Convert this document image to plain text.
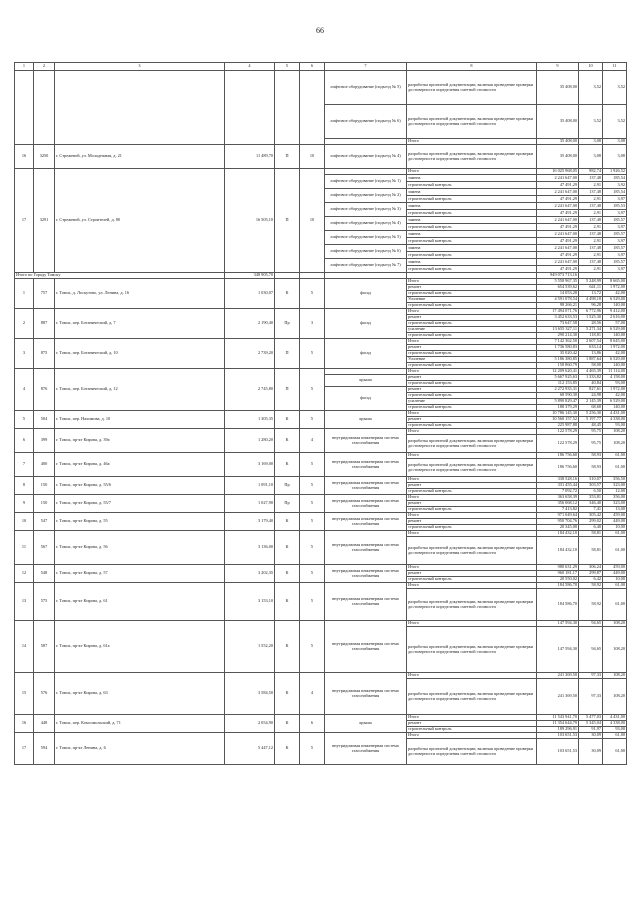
66
1	2	3	4	5	6	7	8	9	10	11
						лифтовое оборудование (подъезд № 5)	разработка проектной документации, включая проведение проверки достоверности определения сметной стоимости	35 408,00	3,52	3,52
						лифтовое оборудование (подъезд № 6)	разработка проектной документации, включая проведение проверки достоверности определения сметной стоимости	35 408,00	3,52	3,52
							Итого	35 408,00	3,08	3,08
16	3250	г. Стрежевой, ул. Молодежная, д. 21	11 489,70	П	10	лифтовое оборудование (подъезд № 4)	разработка проектной документации, включая проведение проверки достоверности определения сметной стоимости	35 408,00	3,08	3,08
17	3291	г. Стрежевой, ул. Строителей, д. 80	16 505,10	П	10		Итого	16 025 968,05	982,74	1 926,52
						лифтовое оборудование (подъезд № 1)	замена	2 241 647,00	137,48	185,54
							строительный контроль	47 491,29	2,91	3,92
						лифтовое оборудование (подъезд № 2)	замена	2 241 647,00	137,48	185,54
							строительный контроль	47 491,29	2,91	3,97
						лифтовое оборудование (подъезд № 3)	замена	2 241 647,00	137,48	185,53
							строительный контроль	47 491,29	2,91	3,97
						лифтовое оборудование (подъезд № 4)	замена	2 241 647,00	137,48	185,57
							строительный контроль	47 491,29	2,91	3,97
						лифтовое оборудование (подъезд № 5)	замена	2 241 647,00	137,48	185,57
							строительный контроль	47 491,29	2,91	3,97
						лифтовое оборудование (подъезд № 6)	замена	2 241 647,00	137,48	185,57
							строительный контроль	47 491,29	2,91	3,97
						лифтовое оборудование (подъезд № 7)	замена	2 241 647,00	137,48	185,57
							строительный контроль	47 491,29	2,91	3,97
Итого по Городу Томску			348 905,70					949 073 713,16		
1	757	г. Томск, д. Лоскутово, ул. Ленина, д. 16	1 030,07	К	5	фасад	Итого	5 558 967,35	5 248,99	8 665,00
							ремонт	654 539,62	641,11	1 972,00
							строительный контроль	14 053,28	13,72	42,00
							Усиление	4 591 078,54	4 498,18	6 529,00
							строительный контроль	98 266,21	96,28	140,00
2	887	г. Томск, пер. Ботанический, д. 7	2 190,40	Пр	3	фасад	Итого	17 494 071,76	6 772,96	9 412,00
							ремонт	3 452 633,53	1 525,30	2 616,00
							строительный контроль	73 647,58	28,56	57,00
							усиление	13 655 327,11	5 271,34	6 529,00
							строительный контроль	290 214,30	118,81	140,00
3	875	г. Томск, пер. Ботанический, д. 10	2 739,20	П	5	фасад	Итого	7 142 362,50	2 607,54	8 645,00
							ремонт	1 736 580,83	633,14	1 972,00
							строительный контроль	35 020,42	13,86	42,00
							Усиление	5 186 380,85	1 887,64	6 529,00
							строительный контроль	158 860,79	58,00	140,00
4	876	г. Томск, пер. Ботанический, д. 12	2 745,80	П	5		Итого	12 209 620,41	4 465,39	11 114,00
						крыша	ремонт	5 667 925,63	1 333,82	4 158,00
							строительный контроль	112 153,85	40,84	93,00
						фасад	ремонт	2 272 935,31	827,61	1 972,00
							строительный контроль	68 590,30	24,98	42,00
							усиление	5 890 829,47	2 145,39	6 529,00
							строительный контроль	188 379,29	68,68	140,00
5	504	г. Томск, пер. Нахимова, д. 10	1 305,35	К	5	крыша	Итого	10 786 145,30	5 256,30	4 431,00
							ремонт	10 560 157,52	5 197,77	4 338,00
							строительный контроль	225 987,88	48,45	93,00
6	399	г. Томск, пр-кт Кирова, д. 39а	1 280,20	К	4	внутридомовая инженерная система газоснабжения	Итого	122 578,29	95,75	108,20
							разработка проектной документации, включая проведение проверки достоверности определения сметной стоимости	122 578,29	95,75	108,20
7	400	г. Томск, пр-кт Кирова, д. 46а	3 169,00	К	5	внутридомовая инженерная система газоснабжения	Итого	186 756,60	58,93	61,00
							разработка проектной документации, включая проведение проверки достоверности определения сметной стоимости	186 756,60	58,93	61,00
8	150	г. Томск, пр-кт Кирова, д. 55/6	1 091,10	Пр	5	внутридомовая инженерная система газоснабжения	Итого	338 528,16	310,07	356,50
							ремонт	331 455,44	303,57	323,00
							строительный контроль	7 092,72	6,50	12,00
9	150	г. Томск, пр-кт Кирова, д. 55/7	1 027,90	Пр	5	внутридомовая инженерная система газоснабжения	Итого	363 658,39	353,81	356,00
							ремонт	356 068,12	346,40	323,00
							строительный контроль	7 413,82	7,41	13,00
10	547	г. Томск, пр-кт Кирова, д. 55	3 179,40	К	5	внутридомовая инженерная система газоснабжения	Итого	971 049,64	305,42	459,00
							ремонт	950 704,76	299,02	449,00
							строительный контроль	20 345,08	6,40	10,00
11	567	г. Томск, пр-кт Кирова, д. 56	3 136,00	К	5	внутридомовая инженерная система газоснабжения	Итого	184 432,10	58,81	61,00
							разработка проектной документации, включая проведение проверки достоверности определения сметной стоимости	184 432,10	58,81	61,00
12	548	г. Томск, пр-кт Кирова, д. 57	3 202,35	К	5	внутридомовая инженерная система газоснабжения	Итого	980 631,29	306,24	459,00
							ремонт	960 181,17	299,87	449,00
							строительный контроль	20 550,02	6,42	10,00
13	575	г. Томск, пр-кт Кирова, д. 61	3 153,10	К	5	внутридомовая инженерная система газоснабжения	Итого	184 586,70	58,92	61,00
							разработка проектной документации, включая проведение проверки достоверности определения сметной стоимости	184 586,70	58,92	61,00
14	587	г. Томск, пр-кт Кирова, д. 61а	1 552,20	К	5	внутридомовая инженерная система газоснабжения	Итого	147 594,30	94,65	108,20
							разработка проектной документации, включая проведение проверки достоверности определения сметной стоимости	147 594,30	94,65	108,20
15	576	г. Томск, пр-кт Кирова, д. 63	3 584,50	К	4	внутридомовая инженерная система газоснабжения	Итого	241 369,50	97,33	108,20
							разработка проектной документации, включая проведение проверки достоверности определения сметной стоимости	241 369,50	97,33	108,20
16	448	г. Томск, пер. Комсомольский, д. 71	2 054,90	К	6	крыша	Итого	11 543 941,70	5 477,03	4 431,00
							ремонт	11 354 644,79	5 345,04	4 338,00
							строительный контроль	189 296,91	91,97	93,00
17	594	г. Томск, пр-кт Ленина, д. 6	5 447,12	К	5	внутридомовая инженерная система газоснабжения	Итого	103 651,53	30,09	61,00
							разработка проектной документации, включая проведение проверки достоверности определения сметной стоимости	103 651,53	30,09	61,00
